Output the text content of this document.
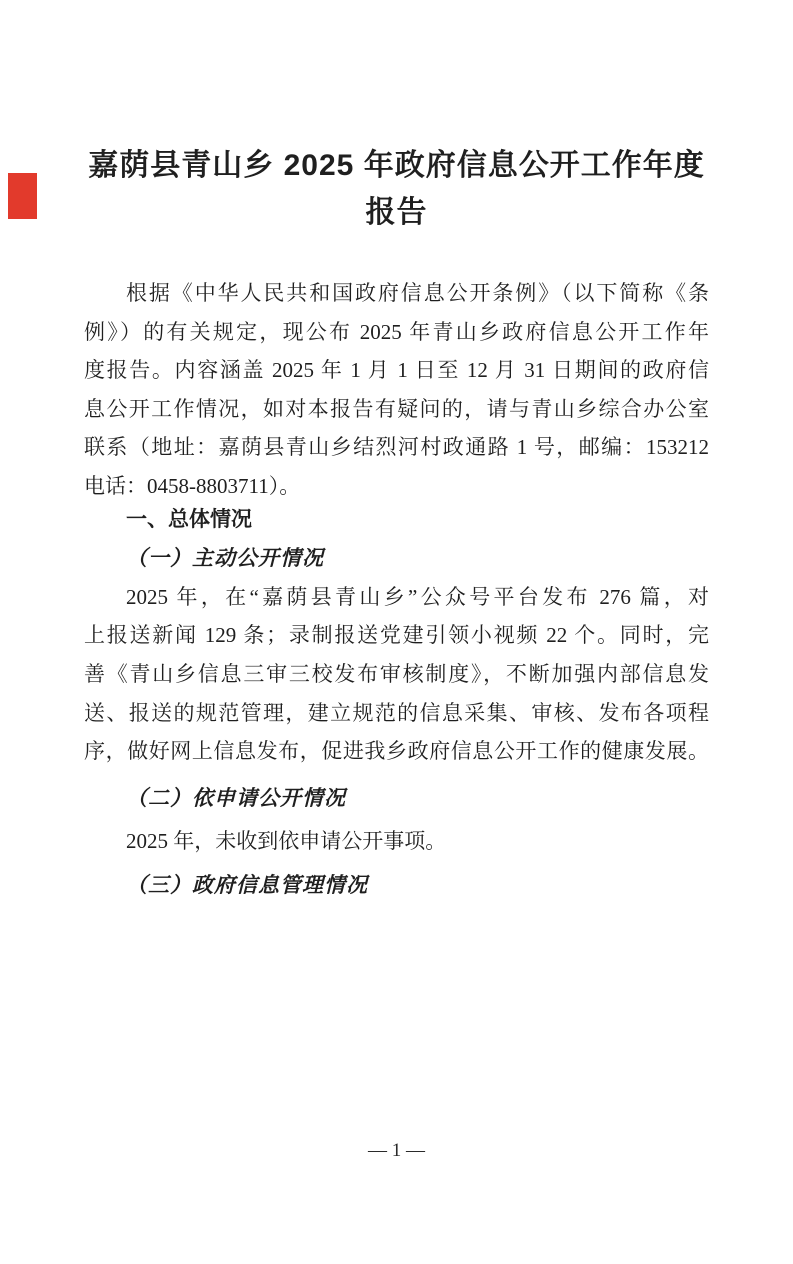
嘉荫县青山乡 2025 年政府信息公开工作年度
报告
根据《中华人民共和国政府信息公开条例》（以下简称《条
例》）的有关规定，现公布 2025 年青山乡政府信息公开工作年
度报告。内容涵盖 2025 年 1 月 1 日至 12 月 31 日期间的政府信
息公开工作情况，如对本报告有疑问的，请与青山乡综合办公室
联系（地址：嘉荫县青山乡结烈河村政通路 1 号，邮编：153212
电话：0458-8803711）。
一、总体情况
（一）主动公开情况
2025 年，在“嘉荫县青山乡”公众号平台发布 276 篇，对
上报送新闻 129 条；录制报送党建引领小视频 22 个。同时，完
善《青山乡信息三审三校发布审核制度》，不断加强内部信息发
送、报送的规范管理，建立规范的信息采集、审核、发布各项程
序，做好网上信息发布，促进我乡政府信息公开工作的健康发展。
（二）依申请公开情况
2025 年，未收到依申请公开事项。
（三）政府信息管理情况
— 1 —
